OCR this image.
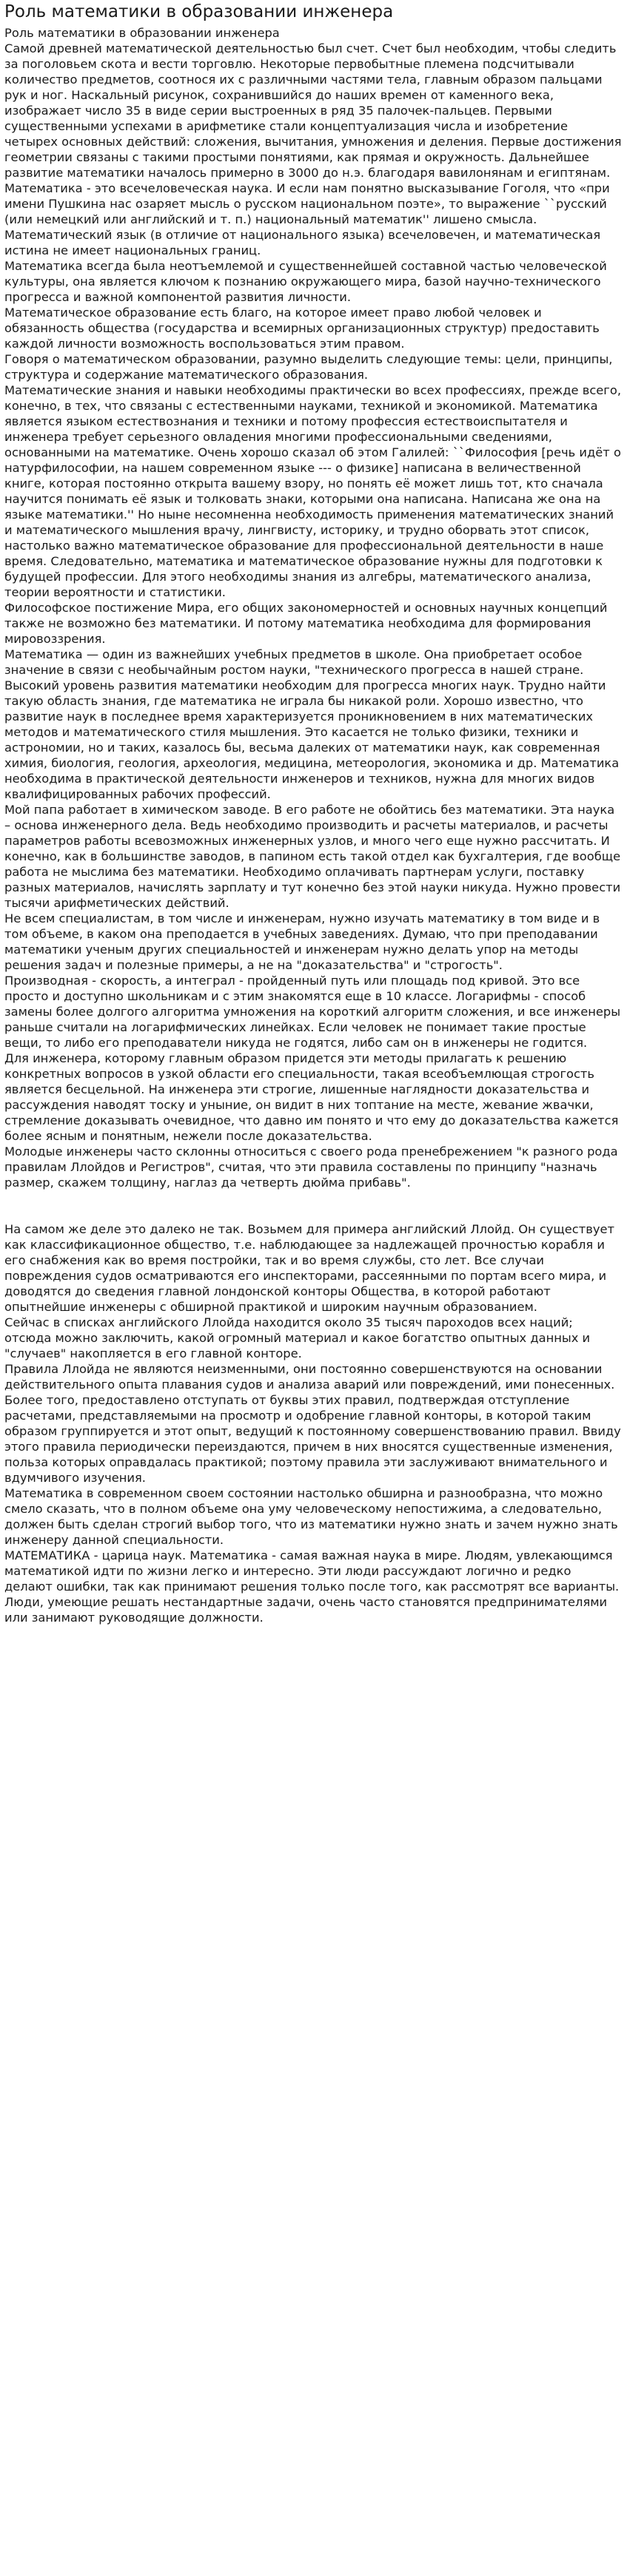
Роль математики в образовании инженера

Роль математики в образовании инженера

Самой древней математической деятельностью был счет. Счет был необходим, чтобы следить за поголовьем скота и вести торговлю. Некоторые первобытные племена подсчитывали количество предметов, соотнося их с различными частями тела, главным образом пальцами рук и ног. Наскальный рисунок, сохранившийся до наших времен от каменного века, изображает число 35 в виде серии выстроенных в ряд 35 палочек-пальцев. Первыми существенными успехами в арифметике стали концептуализация числа и изобретение четырех основных действий: сложения, вычитания, умножения и деления. Первые достижения геометрии связаны с такими простыми понятиями, как прямая и окружность. Дальнейшее развитие математики началось примерно в 3000 до н.э. благодаря вавилонянам и египтянам.

Математика - это всечеловеческая наука. И если нам понятно высказывание Гоголя, что «при имени Пушкина нас озаряет мысль о русском национальном поэте», то выражение ``русский (или немецкий или английский и т. п.) национальный математик'' лишено смысла. Математический язык (в отличие от национального языка) всечеловечен, и математическая истина не имеет национальных границ.

Математика всегда была неотъемлемой и существеннейшей составной частью человеческой культуры, она является ключом к познанию окружающего мира, базой научно-технического прогресса и важной компонентой развития личности.

Математическое образование есть благо, на которое имеет право любой человек и обязанность общества (государства и всемирных организационных структур) предоставить каждой личности возможность воспользоваться этим правом.

Говоря о математическом образовании, разумно выделить следующие темы: цели, принципы, структура и содержание математического образования.

Математические знания и навыки необходимы практически во всех профессиях, прежде всего, конечно, в тех, что связаны с естественными науками, техникой и экономикой. Математика является языком естествознания и техники и потому профессия естествоиспытателя и инженера требует серьезного овладения многими профессиональными сведениями, основанными на математике. Очень хорошо сказал об этом Галилей: ``Философия [речь идёт о натурфилософии, на нашем современном языке --- о физике] написана в величественной книге, которая постоянно открыта вашему взору, но понять её может лишь тот, кто сначала научится понимать её язык и толковать знаки, которыми она написана. Написана же она на языке математики.'' Но ныне несомненна необходимость применения математических знаний и математического мышления врачу, лингвисту, историку, и трудно оборвать этот список, настолько важно математическое образование для профессиональной деятельности в наше время. Следовательно, математика и математическое образование нужны для подготовки к будущей профессии. Для этого необходимы знания из алгебры, математического анализа, теории вероятности и статистики.

Философское постижение Мира, его общих закономерностей и основных научных концепций также не возможно без математики. И потому математика необходима для формирования мировоззрения.

Математика — один из важнейших учебных предметов в школе. Она приобретает особое значение в связи с необычайным ростом науки, "технического прогресса в нашей стране.

Высокий уровень развития математики необходим для прогресса многих наук. Трудно найти такую область знания, где математика не играла бы никакой роли. Хорошо известно, что развитие наук в последнее время характеризуется проникновением в них математических методов и математического стиля мышления. Это касается не только физики, техники и астрономии, но и таких, казалось бы, весьма далеких от математики наук, как современная химия, биология, геология, археология, медицина, метеорология, экономика и др. Математика необходима в практической деятельности инженеров и техников, нужна для многих видов квалифицированных рабочих профессий.

Мой папа работает в химическом заводе. В его работе не обойтись без математики. Эта наука – основа инженерного дела. Ведь необходимо производить и расчеты материалов, и расчеты параметров работы всевозможных инженерных узлов, и много чего еще нужно рассчитать. И конечно, как в большинстве заводов, в папином есть такой отдел как бухгалтерия, где вообще работа не мыслима без математики. Необходимо оплачивать партнерам услуги, поставку разных материалов, начислять зарплату и тут конечно без этой науки никуда. Нужно провести тысячи арифметических действий.

Не всем специалистам, в том числе и инженерам, нужно изучать математику в том виде и в том объеме, в каком она преподается в учебных заведениях. Думаю, что при преподавании математики ученым других специальностей и инженерам нужно делать упор на методы решения задач и полезные примеры, а не на "доказательства" и "строгость".

Производная - скорость, а интеграл - пройденный путь или площадь под кривой. Это все просто и доступно школьникам и с этим знакомятся еще в 10 классе. Логарифмы - способ замены более долгого алгоритма умножения на короткий алгоритм сложения, и все инженеры раньше считали на логарифмических линейках. Если человек не понимает такие простые вещи, то либо его преподаватели никуда не годятся, либо сам он в инженеры не годится.

Для инженера, которому главным образом придется эти методы прилагать к решению конкретных вопросов в узкой области его специальности, такая всеобъемлющая строгость является бесцельной. На инженера эти строгие, лишенные наглядности доказательства и рассуждения наводят тоску и уныние, он видит в них топтание на месте, жевание жвачки, стремление доказывать очевидное, что давно им понято и что ему до доказательства кажется более ясным и понятным, нежели после доказательства.

Молодые инженеры часто склонны относиться с своего рода пренебрежением "к разного рода правилам Ллойдов и Регистров", считая, что эти правила составлены по принципу "назначь размер, скажем толщину, наглаз да четверть дюйма прибавь".

На самом же деле это далеко не так. Возьмем для примера английский Ллойд. Он существует как классификационное общество, т.е. наблюдающее за надлежащей прочностью корабля и его снабжения как во время постройки, так и во время службы, сто лет. Все случаи повреждения судов осматриваются его инспекторами, рассеянными по портам всего мира, и доводятся до сведения главной лондонской конторы Общества, в которой работают опытнейшие инженеры с обширной практикой и широким научным образованием.

Сейчас в списках английского Ллойда находится около 35 тысяч пароходов всех наций; отсюда можно заключить, какой огромный материал и какое богатство опытных данных и "случаев" накопляется в его главной конторе.

Правила Ллойда не являются неизменными, они постоянно совершенствуются на основании действительного опыта плавания судов и анализа аварий или повреждений, ими понесенных. Более того, предоставлено отступать от буквы этих правил, подтверждая отступление расчетами, представляемыми на просмотр и одобрение главной конторы, в которой таким образом группируется и этот опыт, ведущий к постоянному совершенствованию правил. Ввиду этого правила периодически переиздаются, причем в них вносятся существенные изменения, польза которых оправдалась практикой; поэтому правила эти заслуживают внимательного и вдумчивого изучения.

Математика в современном своем состоянии настолько обширна и разнообразна, что можно смело сказать, что в полном объеме она уму человеческому непостижима, а следовательно, должен быть сделан строгий выбор того, что из математики нужно знать и зачем нужно знать инженеру данной специальности.

МАТЕМАТИКА - царица наук. Математика - самая важная наука в мире. Людям, увлекающимся математикой идти по жизни легко и интересно. Эти люди рассуждают логично и редко делают ошибки, так как принимают решения только после того, как рассмотрят все варианты. Люди, умеющие решать нестандартные задачи, очень часто становятся предпринимателями или занимают руководящие должности.
